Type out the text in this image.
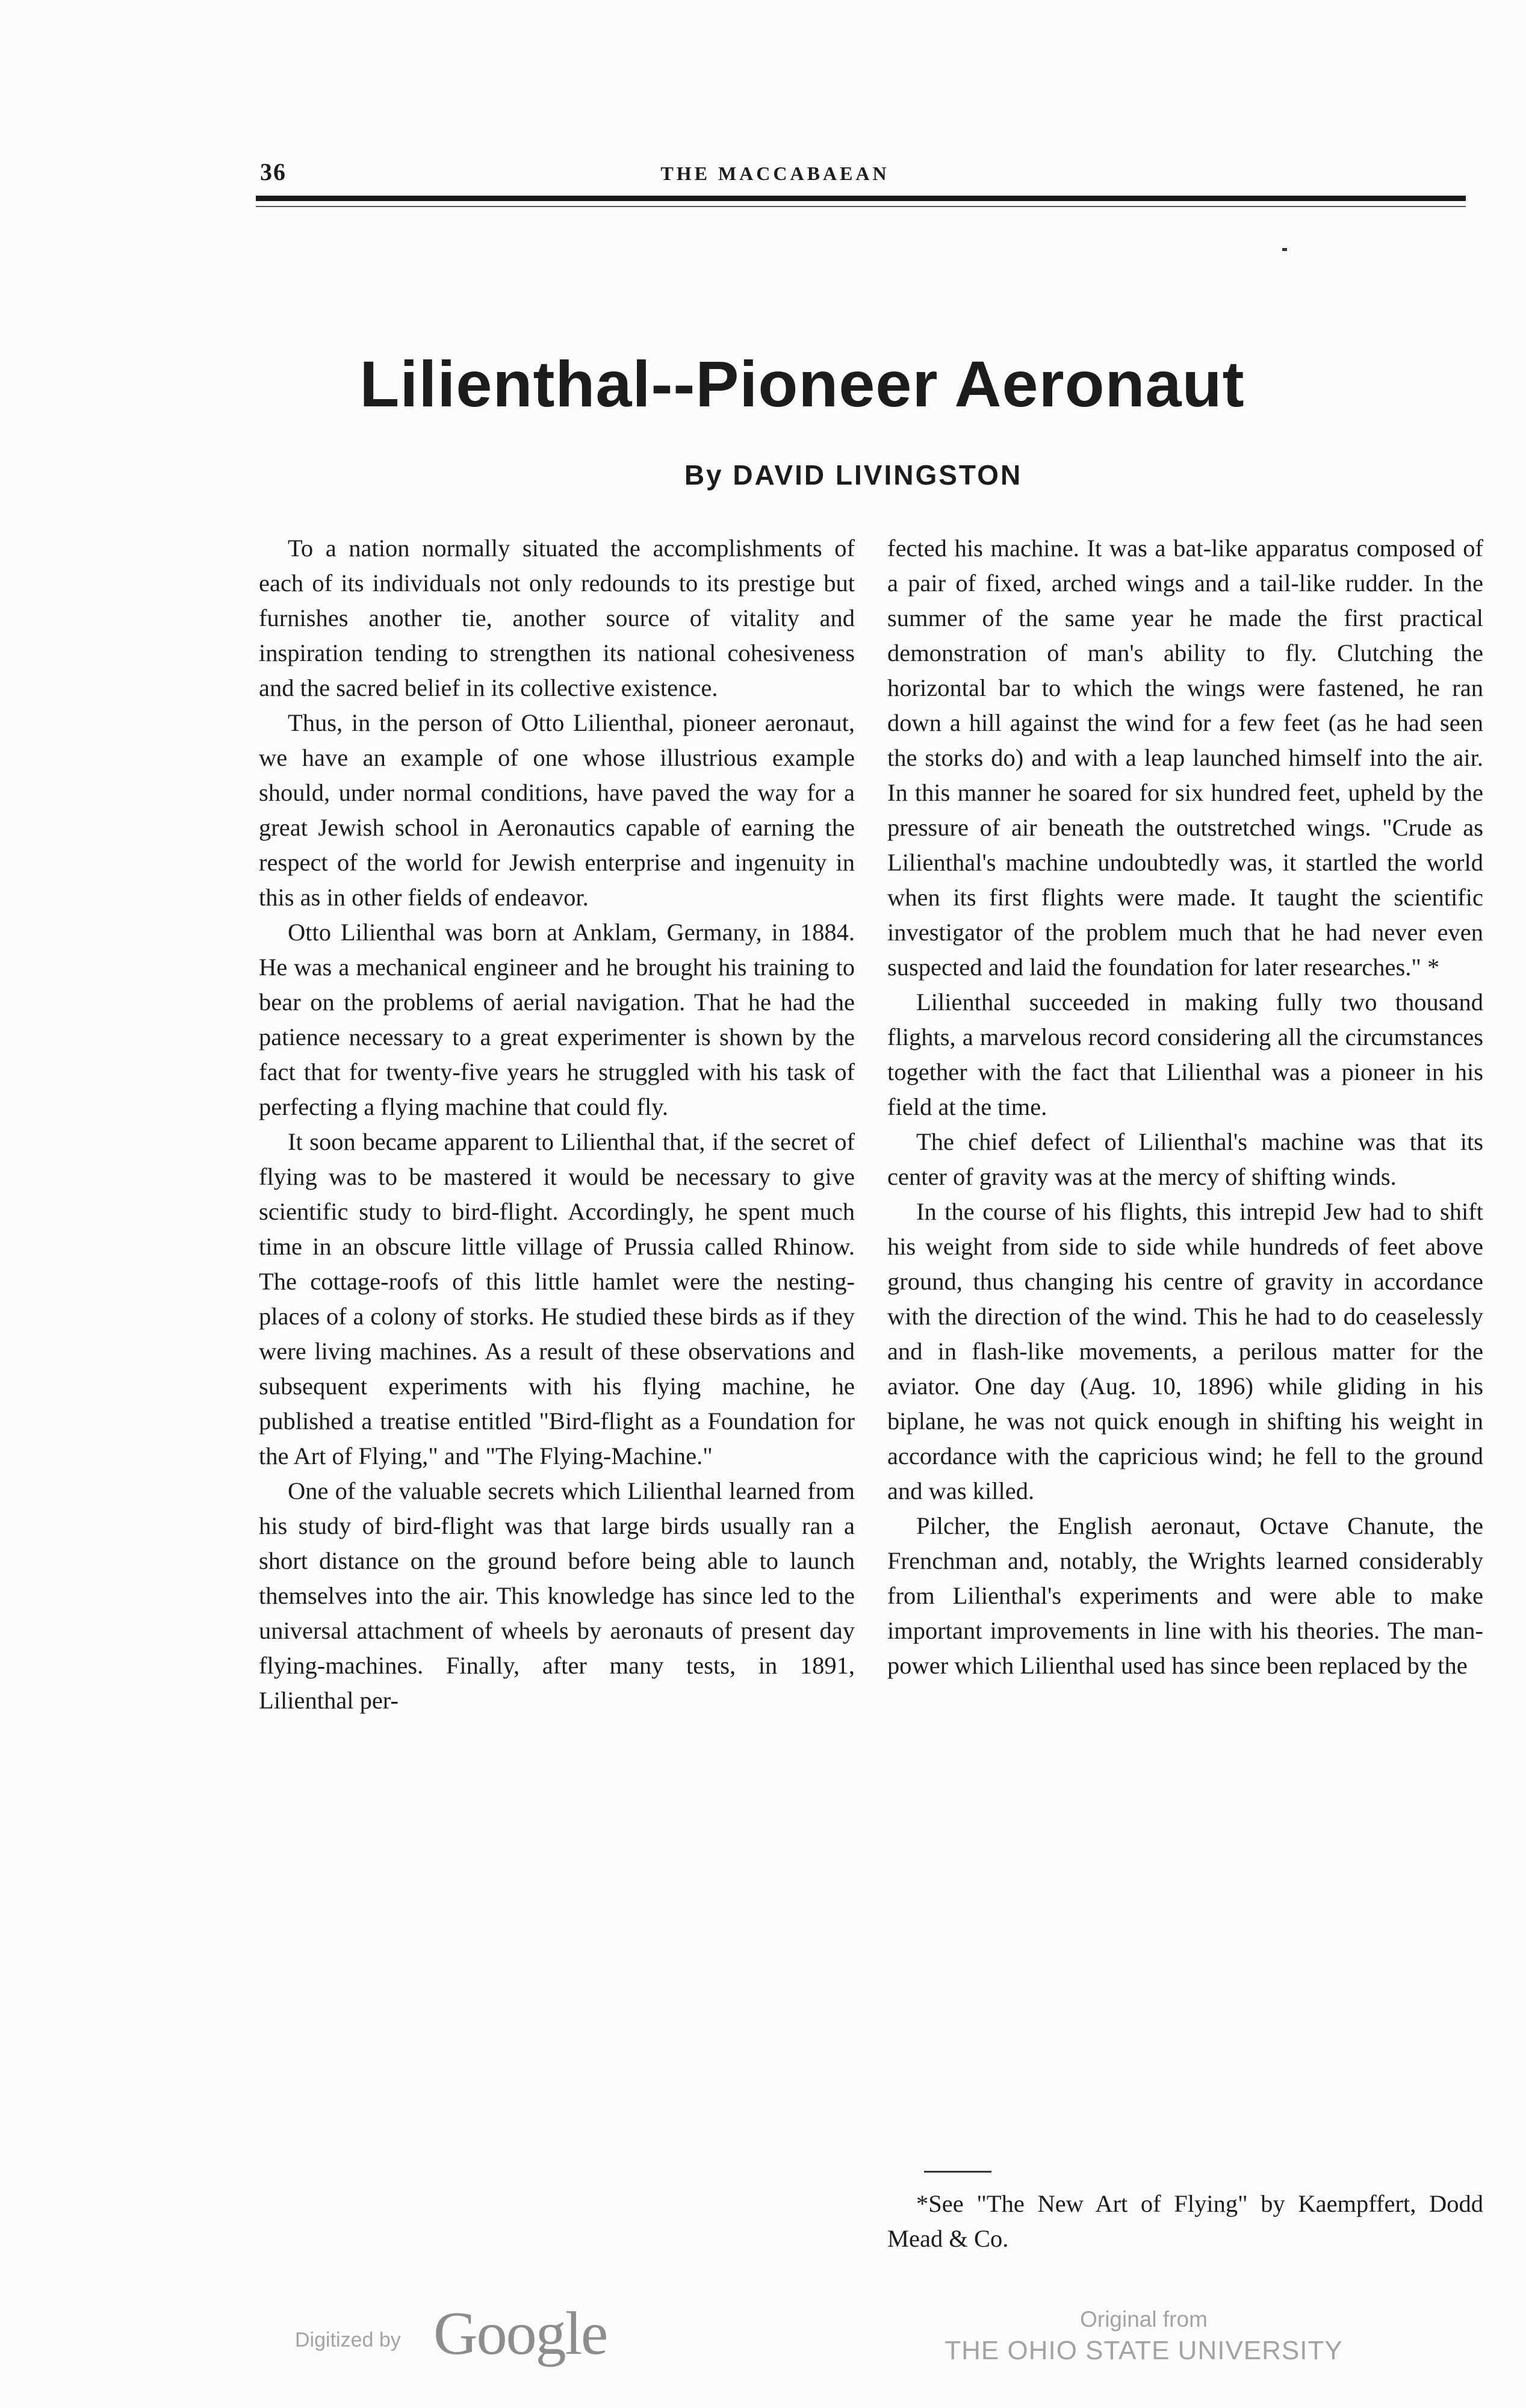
36	THE MACCABAEAN
Lilienthal--Pioneer Aeronaut
By DAVID LIVINGSTON

To a nation normally situated the accomplishments of each of its individuals not only redounds to its prestige but furnishes another tie, another source of vitality and inspiration tending to strengthen its national cohesiveness and the sacred belief in its collective existence.

Thus, in the person of Otto Lilienthal, pioneer aeronaut, we have an example of one whose illustrious example should, under normal conditions, have paved the way for a great Jewish school in Aeronautics capable of earning the respect of the world for Jewish enterprise and ingenuity in this as in other fields of endeavor.

Otto Lilienthal was born at Anklam, Germany, in 1884. He was a mechanical engineer and he brought his training to bear on the problems of aerial navigation. That he had the patience necessary to a great experimenter is shown by the fact that for twenty-five years he struggled with his task of perfecting a flying machine that could fly.

It soon became apparent to Lilienthal that, if the secret of flying was to be mastered it would be necessary to give scientific study to bird-flight. Accordingly, he spent much time in an obscure little village of Prussia called Rhinow. The cottage-roofs of this little hamlet were the nesting-places of a colony of storks. He studied these birds as if they were living machines. As a result of these observations and subsequent experiments with his flying machine, he published a treatise entitled "Bird-flight as a Foundation for the Art of Flying," and "The Flying-Machine."

One of the valuable secrets which Lilienthal learned from his study of bird-flight was that large birds usually ran a short distance on the ground before being able to launch themselves into the air. This knowledge has since led to the universal attachment of wheels by aeronauts of present day flying-machines. Finally, after many tests, in 1891, Lilienthal per-

fected his machine. It was a bat-like apparatus composed of a pair of fixed, arched wings and a tail-like rudder. In the summer of the same year he made the first practical demonstration of man's ability to fly. Clutching the horizontal bar to which the wings were fastened, he ran down a hill against the wind for a few feet (as he had seen the storks do) and with a leap launched himself into the air. In this manner he soared for six hundred feet, upheld by the pressure of air beneath the outstretched wings. "Crude as Lilienthal's machine undoubtedly was, it startled the world when its first flights were made. It taught the scientific investigator of the problem much that he had never even suspected and laid the foundation for later researches." *

Lilienthal succeeded in making fully two thousand flights, a marvelous record considering all the circumstances together with the fact that Lilienthal was a pioneer in his field at the time.

The chief defect of Lilienthal's machine was that its center of gravity was at the mercy of shifting winds.

In the course of his flights, this intrepid Jew had to shift his weight from side to side while hundreds of feet above ground, thus changing his centre of gravity in accordance with the direction of the wind. This he had to do ceaselessly and in flash-like movements, a perilous matter for the aviator. One day (Aug. 10, 1896) while gliding in his biplane, he was not quick enough in shifting his weight in accordance with the capricious wind; he fell to the ground and was killed.

Pilcher, the English aeronaut, Octave Chanute, the Frenchman and, notably, the Wrights learned considerably from Lilienthal's experiments and were able to make important improvements in line with his theories. The man-power which Lilienthal used has since been replaced by the

*See "The New Art of Flying" by Kaempffert, Dodd Mead & Co.

Digitized by Google	Original from
THE OHIO STATE UNIVERSITY
